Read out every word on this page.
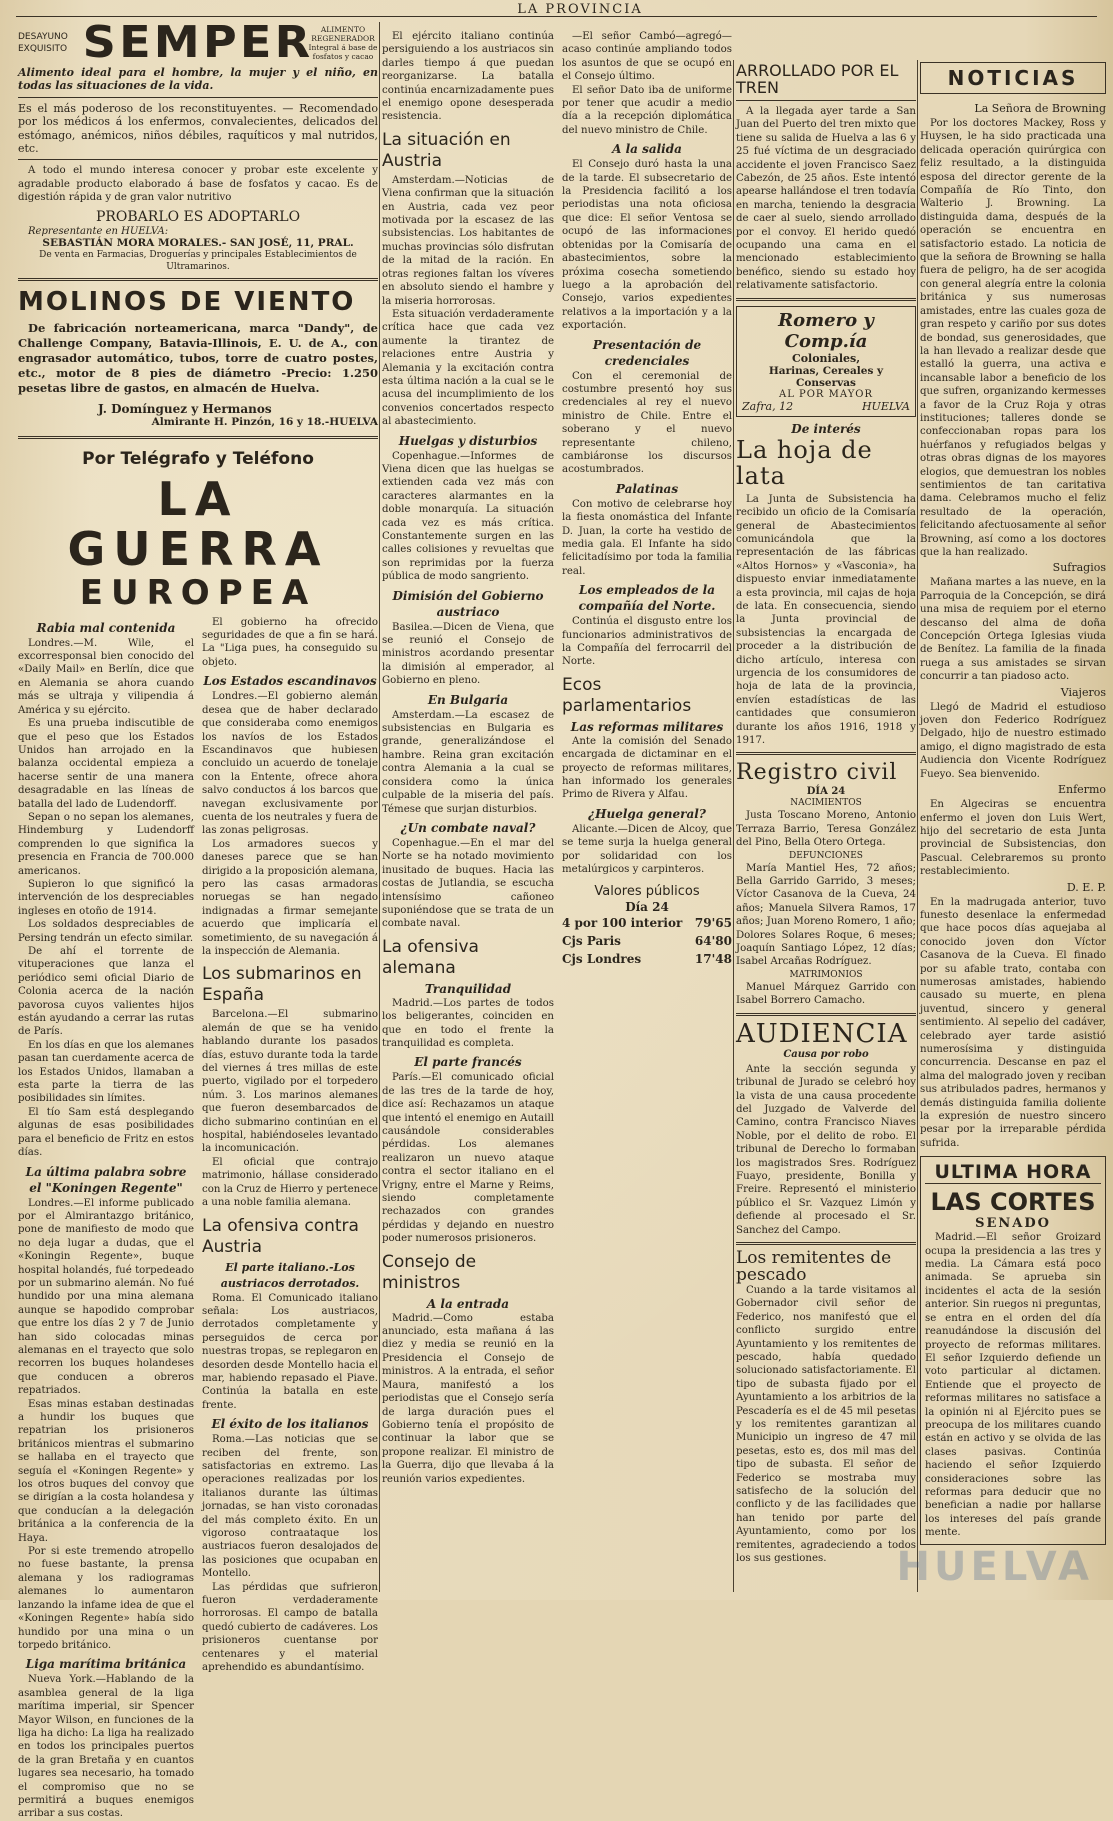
LA PROVINCIA
DESAYUNO
EXQUISITO SEMPER	ALIMENTO REGENERADOR Integral á base de fosfatos y cacao

Alimento ideal para el hombre, la mujer y el niño, en todas las situaciones de la vida.

Es el más poderoso de los reconstituyentes. — Recomendado por los médicos á los enfermos, convalecientes, delicados del estómago, anémicos, niños débiles, raquíticos y mal nutridos, etc.

A todo el mundo interesa conocer y probar este excelente y agradable producto elaborado á base de fosfatos y cacao. Es de digestión rápida y de gran valor nutritivo

PROBARLO ES ADOPTARLO
Representante en HUELVA:
SEBASTIÁN MORA MORALES.- SAN JOSÉ, 11, PRAL.
De venta en Farmacias, Droguerías y principales Establecimientos de Ultramarinos.
MOLINOS DE VIENTO

De fabricación norteamericana, marca "Dandy", de Challenge Company, Batavia-Illinois, E. U. de A., con engrasador automático, tubos, torre de cuatro postes, etc., motor de 8 pies de diámetro -Precio: 1.250 pesetas libre de gastos, en almacén de Huelva.

J. Domínguez y Hermanos
Almirante H. Pinzón, 16 y 18.-HUELVA
Por Telégrafo y Teléfono
LA GUERRA
EUROPEA
Rabia mal contenida

Londres.—M. Wile, el excorresponsal bien conocido del «Daily Mail» en Berlín, dice que en Alemania se ahora cuando más se ultraja y vilipendia á América y su ejército.

Es una prueba indiscutible de que el peso que los Estados Unidos han arrojado en la balanza occidental empieza a hacerse sentir de una manera desagradable en las líneas de batalla del lado de Ludendorff.

Sepan o no sepan los alemanes, Hindemburg y Ludendorff comprenden lo que significa la presencia en Francia de 700.000 americanos.

Supieron lo que significó la intervención de los despreciables ingleses en otoño de 1914.

Los soldados despreciables de Persing tendrán un efecto similar.

De ahí el torrente de vituperaciones que lanza el periódico semi oficial Diario de Colonia acerca de la nación pavorosa cuyos valientes hijos están ayudando a cerrar las rutas de París.

En los días en que los alemanes pasan tan cuerdamente acerca de los Estados Unidos, llamaban a esta parte la tierra de las posibilidades sin límites.

El tío Sam está desplegando algunas de esas posibilidades para el beneficio de Fritz en estos días.

La última palabra sobre el "Koningen Regente"

Londres.—El informe publicado por el Almirantazgo británico, pone de manifiesto de modo que no deja lugar a dudas, que el «Koningin Regente», buque hospital holandés, fué torpedeado por un submarino alemán. No fué hundido por una mina alemana aunque se hapodido comprobar que entre los días 2 y 7 de Junio han sido colocadas minas alemanas en el trayecto que solo recorren los buques holandeses que conducen a obreros repatriados.

Esas minas estaban destinadas a hundir los buques que repatrian los prisioneros británicos mientras el submarino se hallaba en el trayecto que seguía el «Koningen Regente» y los otros buques del convoy que se dirigían a la costa holandesa y que conducían a la delegación británica a la conferencia de la Haya.

Por si este tremendo atropello no fuese bastante, la prensa alemana y los radiogramas alemanes lo aumentaron lanzando la infame idea de que el «Koningen Regente» había sido hundido por una mina o un torpedo británico.

Liga marítima británica

Nueva York.—Hablando de la asamblea general de la liga marítima imperial, sir Spencer Mayor Wilson, en funciones de la liga ha dicho: La liga ha realizado en todos los principales puertos de la gran Bretaña y en cuantos lugares sea necesario, ha tomado el compromiso que no se permitirá a buques enemigos arribar a sus costas.

El gobierno ha ofrecido seguridades de que a fin se hará. La "Liga pues, ha conseguido su objeto.

Los Estados escandinavos

Londres.—El gobierno alemán desea que de haber declarado que consideraba como enemigos los navíos de los Estados Escandinavos que hubiesen concluido un acuerdo de tonelaje con la Entente, ofrece ahora salvo conductos á los barcos que navegan exclusivamente por cuenta de los neutrales y fuera de las zonas peligrosas.

Los armadores suecos y daneses parece que se han dirigido a la proposición alemana, pero las casas armadoras noruegas se han negado indignadas a firmar semejante acuerdo que implicaría el sometimiento, de su navegación á la inspección de Alemania.

Los submarinos en España

Barcelona.—El submarino alemán de que se ha venido hablando durante los pasados días, estuvo durante toda la tarde del viernes á tres millas de este puerto, vigilado por el torpedero núm. 3. Los marinos alemanes que fueron desembarcados de dicho submarino continúan en el hospital, habiéndoseles levantado la incomunicación.

El oficial que contrajo matrimonio, hállase considerado con la Cruz de Hierro y pertenece a una noble familia alemana.

La ofensiva contra Austria
El parte italiano.-Los austriacos derrotados.

Roma. El Comunicado italiano señala: Los austriacos, derrotados completamente y perseguidos de cerca por nuestras tropas, se replegaron en desorden desde Montello hacia el mar, habiendo repasado el Piave. Continúa la batalla en este frente.

El éxito de los italianos

Roma.—Las noticias que se reciben del frente, son satisfactorias en extremo. Las operaciones realizadas por los italianos durante las últimas jornadas, se han visto coronadas del más completo éxito. En un vigoroso contraataque los austriacos fueron desalojados de las posiciones que ocupaban en Montello.

Las pérdidas que sufrieron fueron verdaderamente horrorosas. El campo de batalla quedó cubierto de cadáveres. Los prisioneros cuentanse por centenares y el material aprehendido es abundantísimo.

El ejército italiano continúa persiguiendo a los austriacos sin darles tiempo á que puedan reorganizarse. La batalla continúa encarnizadamente pues el enemigo opone desesperada resistencia.

La situación en Austria

Amsterdam.—Noticias de Viena confirman que la situación en Austria, cada vez peor motivada por la escasez de las subsistencias. Los habitantes de muchas provincias sólo disfrutan de la mitad de la ración. En otras regiones faltan los víveres en absoluto siendo el hambre y la miseria horrorosas.

Esta situación verdaderamente crítica hace que cada vez aumente la tirantez de relaciones entre Austria y Alemania y la excitación contra esta última nación a la cual se le acusa del incumplimiento de los convenios concertados respecto al abastecimiento.

Huelgas y disturbios

Copenhague.—Informes de Viena dicen que las huelgas se extienden cada vez más con caracteres alarmantes en la doble monarquía. La situación cada vez es más crítica. Constantemente surgen en las calles colisiones y revueltas que son reprimidas por la fuerza pública de modo sangriento.

Dimisión del Gobierno austriaco

Basilea.—Dicen de Viena, que se reunió el Consejo de ministros acordando presentar la dimisión al emperador, al Gobierno en pleno.

En Bulgaria

Amsterdam.—La escasez de subsistencias en Bulgaria es grande, generalizándose el hambre. Reina gran excitación contra Alemania a la cual se considera como la única culpable de la miseria del país. Témese que surjan disturbios.

¿Un combate naval?

Copenhague.—En el mar del Norte se ha notado movimiento inusitado de buques. Hacia las costas de Jutlandia, se escucha intensísimo cañoneo suponiéndose que se trata de un combate naval.

La ofensiva alemana
Tranquilidad

Madrid.—Los partes de todos los beligerantes, coinciden en que en todo el frente la tranquilidad es completa.

El parte francés

París.—El comunicado oficial de las tres de la tarde de hoy, dice así: Rechazamos un ataque que intentó el enemigo en Autaill causándole considerables pérdidas. Los alemanes realizaron un nuevo ataque contra el sector italiano en el Vrigny, entre el Marne y Reims, siendo completamente rechazados con grandes pérdidas y dejando en nuestro poder numerosos prisioneros.

Consejo de ministros
A la entrada

Madrid.—Como estaba anunciado, esta mañana á las diez y media se reunió en la Presidencia el Consejo de ministros. A la entrada, el señor Maura, manifestó a los periodistas que el Consejo sería de larga duración pues el Gobierno tenía el propósito de continuar la labor que se propone realizar. El ministro de la Guerra, dijo que llevaba á la reunión varios expedientes.

—El señor Cambó—agregó—acaso continúe ampliando todos los asuntos de que se ocupó en el Consejo último.

El señor Dato iba de uniforme por tener que acudir a medio día a la recepción diplomática del nuevo ministro de Chile.

A la salida

El Consejo duró hasta la una de la tarde. El subsecretario de la Presidencia facilitó a los periodistas una nota oficiosa que dice: El señor Ventosa se ocupó de las informaciones obtenidas por la Comisaría de abastecimientos, sobre la próxima cosecha sometiendo luego a la aprobación del Consejo, varios expedientes relativos a la importación y a la exportación.

Presentación de credenciales

Con el ceremonial de costumbre presentó hoy sus credenciales al rey el nuevo ministro de Chile. Entre el soberano y el nuevo representante chileno, cambiáronse los discursos acostumbrados.

Palatinas

Con motivo de celebrarse hoy la fiesta onomástica del Infante D. Juan, la corte ha vestido de media gala. El Infante ha sido felicitadísimo por toda la familia real.

Los empleados de la compañía del Norte.

Continúa el disgusto entre los funcionarios administrativos de la Compañía del ferrocarril del Norte.

Ecos parlamentarios
Las reformas militares

Ante la comisión del Senado encargada de dictaminar en el proyecto de reformas militares, han informado los generales Primo de Rivera y Alfau.

¿Huelga general?

Alicante.—Dicen de Alcoy, que se teme surja la huelga general por solidaridad con los metalúrgicos y carpinteros.

Valores públicos
Día 24
4 por 100 interior 79'65
Cjs Paris	64'80
Cjs Londres	17'48
ARROLLADO POR EL TREN

A la llegada ayer tarde a San Juan del Puerto del tren mixto que tiene su salida de Huelva a las 6 y 25 fué víctima de un desgraciado accidente el joven Francisco Saez Cabezón, de 25 años. Este intentó apearse hallándose el tren todavía en marcha, teniendo la desgracia de caer al suelo, siendo arrollado por el convoy. El herido quedó ocupando una cama en el mencionado establecimiento benéfico, siendo su estado hoy relativamente satisfactorio.

Romero y Comp.ía
Coloniales,
Harinas, Cereales y Conservas
AL POR MAYOR
Zafra, 12	HUELVA
De interés
La hoja de lata

La Junta de Subsistencia ha recibido un oficio de la Comisaría general de Abastecimientos comunicándola que la representación de las fábricas «Altos Hornos» y «Vasconia», ha dispuesto enviar inmediatamente a esta provincia, mil cajas de hoja de lata. En consecuencia, siendo la Junta provincial de subsistencias la encargada de proceder a la distribución de dicho artículo, interesa con urgencia de los consumidores de hoja de lata de la provincia, envíen estadísticas de las cantidades que consumieron durante los años 1916, 1918 y 1917.

Registro civil
DÍA 24
NACIMIENTOS

Justa Toscano Moreno, Antonio Terraza Barrio, Teresa González del Pino, Bella Otero Ortega.

DEFUNCIONES

María Mantiel Hes, 72 años; Bella Garrido Garrido, 3 meses; Víctor Casanova de la Cueva, 24 años; Manuela Silvera Ramos, 17 años; Juan Moreno Romero, 1 año; Dolores Solares Roque, 6 meses; Joaquín Santiago López, 12 días; Isabel Arcañas Rodríguez.

MATRIMONIOS

Manuel Márquez Garrido con Isabel Borrero Camacho.

AUDIENCIA
Causa por robo

Ante la sección segunda y tribunal de Jurado se celebró hoy la vista de una causa procedente del Juzgado de Valverde del Camino, contra Francisco Niaves Noble, por el delito de robo. El tribunal de Derecho lo formaban los magistrados Sres. Rodríguez Fuayo, presidente, Bonilla y Freire. Representó el ministerio público el Sr. Vazquez Limón y defiende al procesado el Sr. Sanchez del Campo.

Los remitentes de pescado

Cuando a la tarde visitamos al Gobernador civil señor de Federico, nos manifestó que el conflicto surgido entre Ayuntamiento y los remitentes de pescado, había quedado solucionado satisfactoriamente. El tipo de subasta fijado por el Ayuntamiento a los arbitrios de la Pescadería es el de 45 mil pesetas y los remitentes garantizan al Municipio un ingreso de 47 mil pesetas, esto es, dos mil mas del tipo de subasta. El señor de Federico se mostraba muy satisfecho de la solución del conflicto y de las facilidades que han tenido por parte del Ayuntamiento, como por los remitentes, agradeciendo a todos los sus gestiones.

NOTICIAS
La Señora de Browning

Por los doctores Mackey, Ross y Huysen, le ha sido practicada una delicada operación quirúrgica con feliz resultado, a la distinguida esposa del director gerente de la Compañía de Río Tinto, don Walterio J. Browning. La distinguida dama, después de la operación se encuentra en satisfactorio estado. La noticia de que la señora de Browning se halla fuera de peligro, ha de ser acogida con general alegría entre la colonia británica y sus numerosas amistades, entre las cuales goza de gran respeto y cariño por sus dotes de bondad, sus generosidades, que la han llevado a realizar desde que estalló la guerra, una activa e incansable labor a beneficio de los que sufren, organizando kermesses a favor de la Cruz Roja y otras instituciones; talleres donde se confeccionaban ropas para los huérfanos y refugiados belgas y otras obras dignas de los mayores elogios, que demuestran los nobles sentimientos de tan caritativa dama. Celebramos mucho el feliz resultado de la operación, felicitando afectuosamente al señor Browning, así como a los doctores que la han realizado.

Sufragios

Mañana martes a las nueve, en la Parroquia de la Concepción, se dirá una misa de requiem por el eterno descanso del alma de doña Concepción Ortega Iglesias viuda de Benítez. La familia de la finada ruega a sus amistades se sirvan concurrir a tan piadoso acto.

Viajeros

Llegó de Madrid el estudioso joven don Federico Rodríguez Delgado, hijo de nuestro estimado amigo, el digno magistrado de esta Audiencia don Vicente Rodríguez Fueyo. Sea bienvenido.

Enfermo

En Algeciras se encuentra enfermo el joven don Luis Wert, hijo del secretario de esta Junta provincial de Subsistencias, don Pascual. Celebraremos su pronto restablecimiento.

D. E. P.

En la madrugada anterior, tuvo funesto desenlace la enfermedad que hace pocos días aquejaba al conocido joven don Víctor Casanova de la Cueva. El finado por su afable trato, contaba con numerosas amistades, habiendo causado su muerte, en plena juventud, sincero y general sentimiento. Al sepelio del cadáver, celebrado ayer tarde asistió numerosísima y distinguida concurrencia. Descanse en paz el alma del malogrado joven y reciban sus atribulados padres, hermanos y demás distinguida familia doliente la expresión de nuestro sincero pesar por la irreparable pérdida sufrida.

ULTIMA HORA
LAS CORTES
SENADO

Madrid.—El señor Groizard ocupa la presidencia a las tres y media. La Cámara está poco animada. Se aprueba sin incidentes el acta de la sesión anterior. Sin ruegos ni preguntas, se entra en el orden del día reanudándose la discusión del proyecto de reformas militares. El señor Izquierdo defiende un voto particular al dictamen. Entiende que el proyecto de reformas militares no satisface a la opinión ni al Ejército pues se preocupa de los militares cuando están en activo y se olvida de las clases pasivas. Continúa haciendo el señor Izquierdo consideraciones sobre las reformas para deducir que no benefician a nadie por hallarse los intereses del país grande mente.

HUELVA
